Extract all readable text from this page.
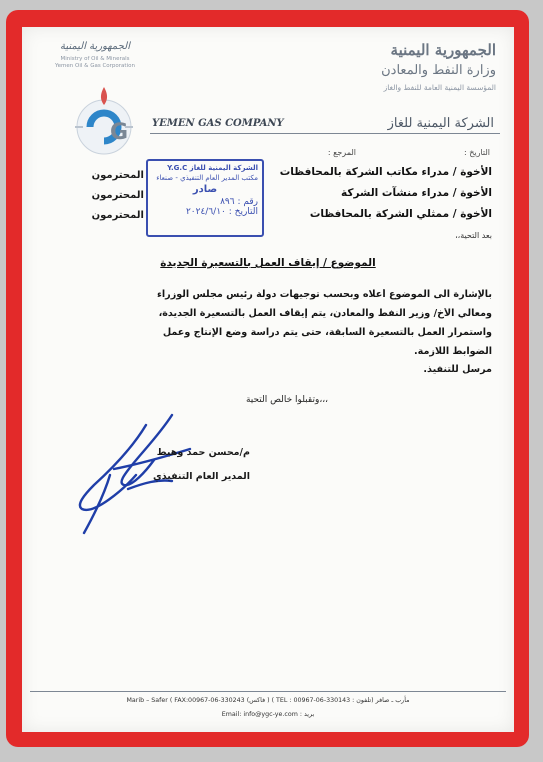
الجمهورية اليمنية
Ministry of Oil & Minerals
Yemen Oil & Gas Corporation
G
الجمهورية اليمنية
وزارة النفط والمعادن
المؤسسة اليمنية العامة للنفط والغاز
YEMEN GAS COMPANY	الشركة اليمنية للغاز
التاريخ :
المرجع :
الشركة اليمنية للغاز Y.G.C
مكتب المدير العام التنفيذي - صنعاء
صادر
رقم : ٨٩٦
التاريخ : ٢٠٢٤/٦/١٠
المحترمون
المحترمون
المحترمون
الأخوة / مدراء مكاتب الشركة بالمحافظات
الأخوة / مدراء منشآت الشركة
الأخوة / ممثلي الشركة بالمحافظات
بعد التحية،،
الموضوع / إيقاف العمل بالتسعيرة الجديدة
بالإشارة الى الموضوع أعلاه وبحسب توجيهات دولة رئيس مجلس الوزراء
ومعالي الأخ/ وزير النفط والمعادن، يتم إيقاف العمل بالتسعيرة الجديدة،
واستمرار العمل بالتسعيرة السابقة، حتى يتم دراسة وضع الإنتاج وعمل
الضوابط اللازمة.
مرسل للتنفيذ.
وتقبلوا خالص التحية،،،
م/محسن حمد وهيط
المدير العام التنفيذي
Marib – Safer ( FAX:00967-06-330243 (فاكس ) ( TEL : 00967-06-330143 : مأرب ـ صافر (تلفون
Email: info@ygc-ye.com : بريد
